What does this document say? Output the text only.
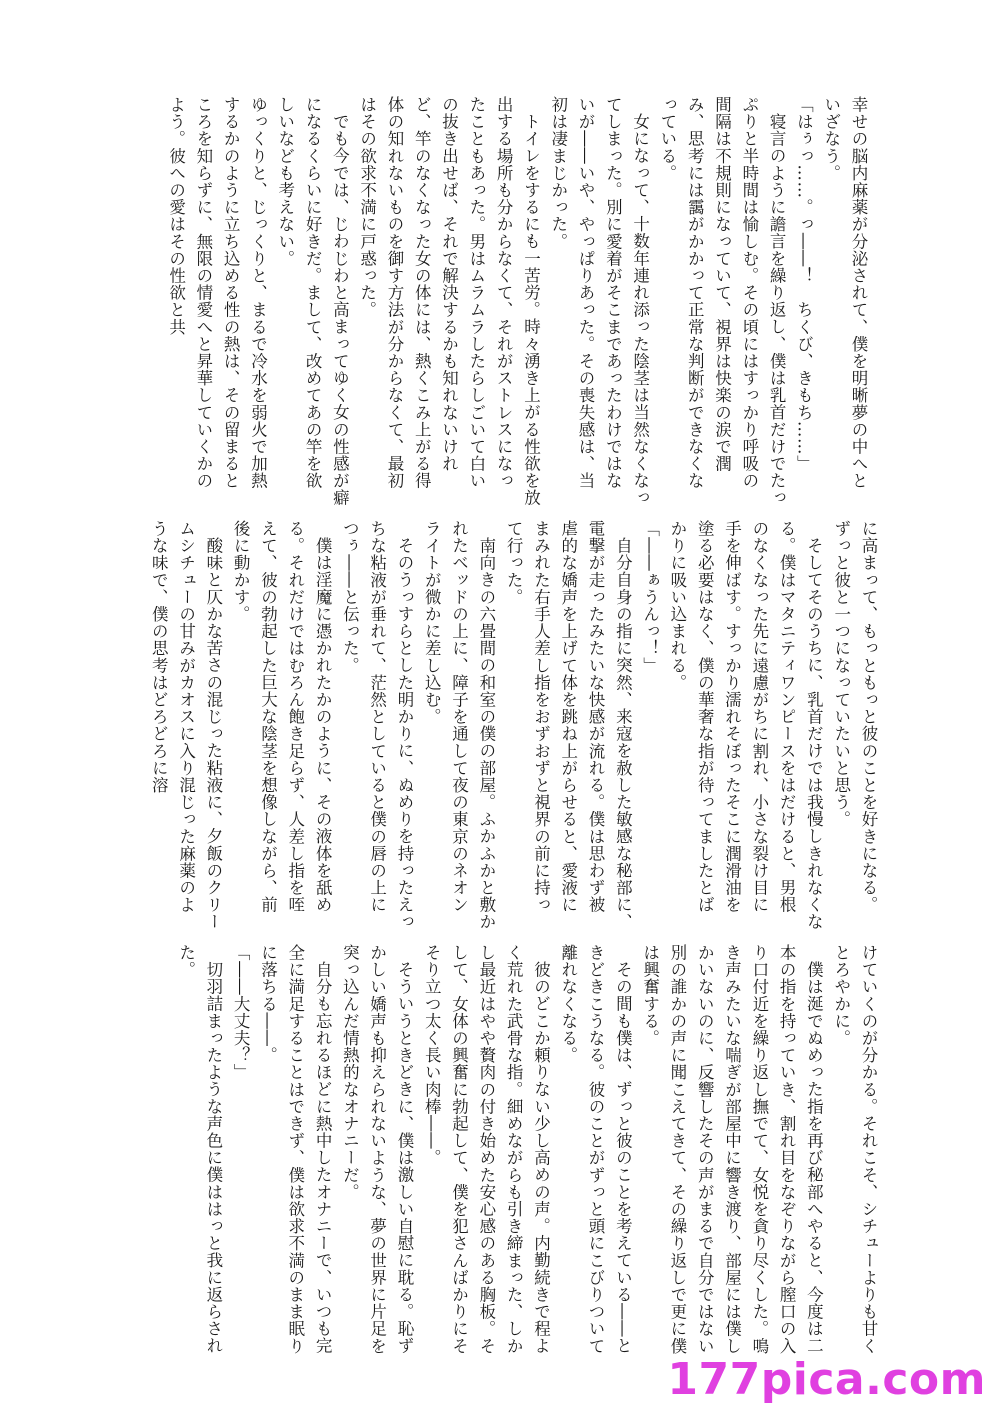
幸せの脳内麻薬が分泌されて、僕を明晰夢の中へといざなう。

「はぅっ……。っ――！　ちくび、きもち……」

寝言のように譫言を繰り返し、僕は乳首だけでたっぷりと半時間は愉しむ。その頃にはすっかり呼吸の間隔は不規則になっていて、視界は快楽の涙で潤み、思考には靄がかかって正常な判断ができなくなっている。

女になって、十数年連れ添った陰茎は当然なくなってしまった。別に愛着がそこまであったわけではないが――いや、やっぱりあった。その喪失感は、当初は凄まじかった。

トイレをするにも一苦労。時々湧き上がる性欲を放出する場所も分からなくて、それがストレスになったこともあった。男はムラムラしたらしごいて白いの抜き出せば、それで解決するかも知れないけれど、竿のなくなった女の体には、熱くこみ上がる得体の知れないものを御す方法が分からなくて、最初はその欲求不満に戸惑った。

でも今では、じわじわと高まってゆく女の性感が癖になるくらいに好きだ。まして、改めてあの竿を欲しいなども考えない。

ゆっくりと、じっくりと、まるで冷水を弱火で加熱するかのように立ち込める性の熱は、その留まるところを知らずに、無限の情愛へと昇華していくかのよう。彼への愛はその性欲と共

に高まって、もっともっと彼のことを好きになる。ずっと彼と一つになっていたいと思う。

そしてそのうちに、乳首だけでは我慢しきれなくなる。僕はマタニティワンピースをはだけると、男根のなくなった先に遠慮がちに割れ、小さな裂け目に手を伸ばす。すっかり濡れそぼったそこに潤滑油を塗る必要はなく、僕の華奢な指が待ってましたとばかりに吸い込まれる。

「――ぁうんっ！」

自分自身の指に突然、来寇を赦した敏感な秘部に、電撃が走ったみたいな快感が流れる。僕は思わず被虐的な嬌声を上げて体を跳ね上がらせると、愛液にまみれた右手人差し指をおずおずと視界の前に持って行った。

南向きの六畳間の和室の僕の部屋。ふかふかと敷かれたベッドの上に、障子を通して夜の東京のネオンライトが微かに差し込む。

そのうっすらとした明かりに、ぬめりを持ったえっちな粘液が垂れて、茫然としていると僕の唇の上につぅ――と伝った。

僕は淫魔に憑かれたかのように、その液体を舐める。それだけではむろん飽き足らず、人差し指を咥えて、彼の勃起した巨大な陰茎を想像しながら、前後に動かす。

酸味と仄かな苦さの混じった粘液に、夕飯のクリームシチューの甘みがカオスに入り混じった麻薬のような味で、僕の思考はどろどろに溶

けていくのが分かる。それこそ、シチューよりも甘くとろやかに。

僕は涎でぬめった指を再び秘部へやると、今度は二本の指を持っていき、割れ目をなぞりながら膣口の入り口付近を繰り返し撫でて、女悦を貪り尽くした。鳴き声みたいな喘ぎが部屋中に響き渡り、部屋には僕しかいないのに、反響したその声がまるで自分ではない別の誰かの声に聞こえてきて、その繰り返しで更に僕は興奮する。

その間も僕は、ずっと彼のことを考えている――ときどきこうなる。彼のことがずっと頭にこびりついて離れなくなる。

彼のどこか頼りない少し高めの声。内勤続きで程よく荒れた武骨な指。細めながらも引き締まった、しかし最近はやや贅肉の付き始めた安心感のある胸板。そして、女体の興奮に勃起して、僕を犯さんばかりにそそり立つ太く長い肉棒――。

そういうときどきに、僕は激しい自慰に耽る。恥ずかしい嬌声も抑えられないような、夢の世界に片足を突っ込んだ情熱的なオナニーだ。

自分も忘れるほどに熱中したオナニーで、いつも完全に満足することはできず、僕は欲求不満のまま眠りに落ちる――。

「――大丈夫？」

切羽詰まったような声色に僕ははっと我に返らされた。

177pica.com
